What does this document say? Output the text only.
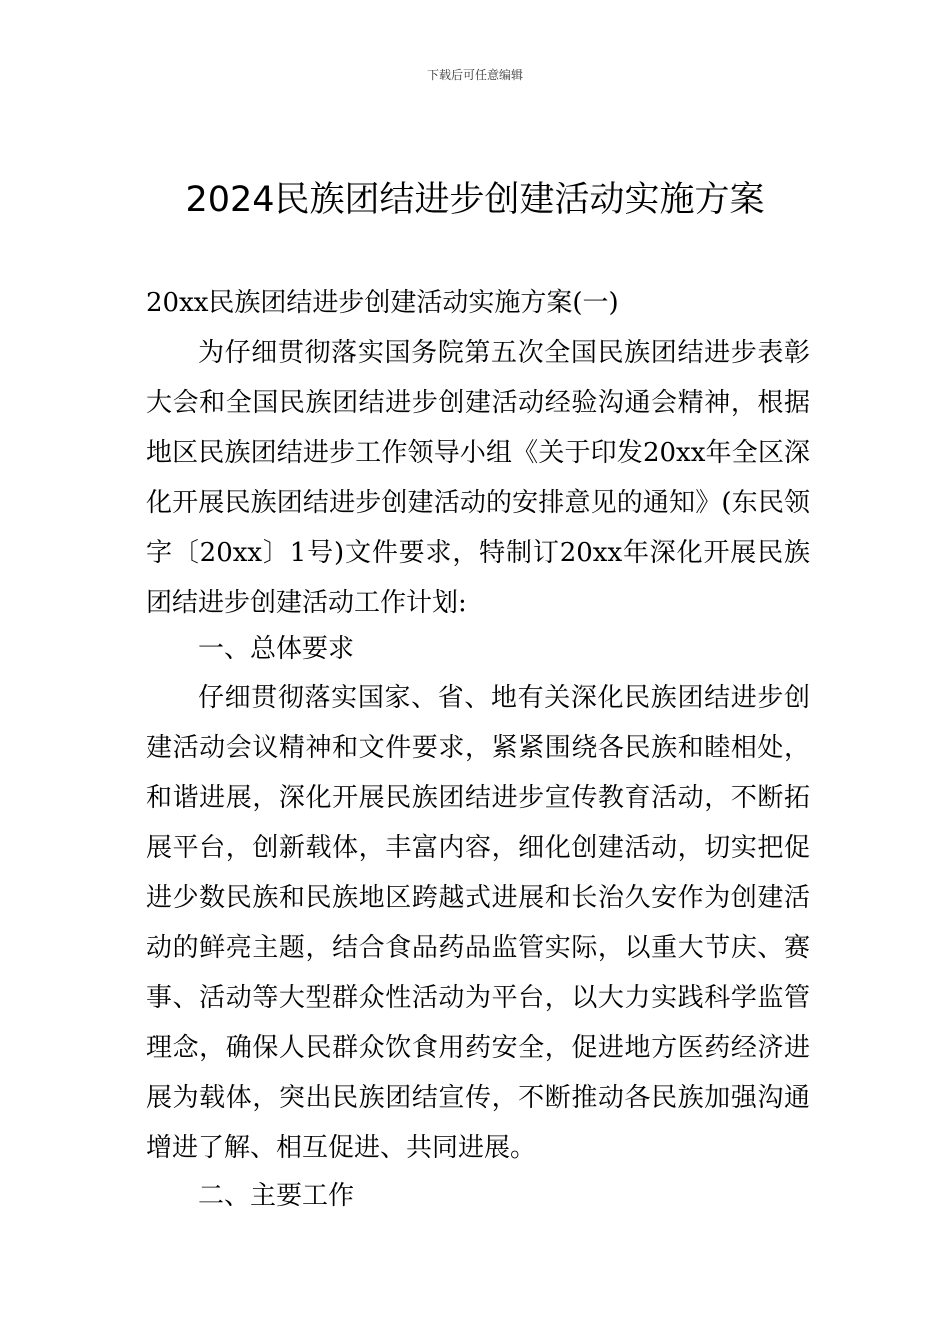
下载后可任意编辑
2024民族团结进步创建活动实施方案

20xx民族团结进步创建活动实施方案(一)

为仔细贯彻落实国务院第五次全国民族团结进步表彰大会和全国民族团结进步创建活动经验沟通会精神，根据地区民族团结进步工作领导小组《关于印发20xx年全区深化开展民族团结进步创建活动的安排意见的通知》(东民领字〔20xx〕1号)文件要求，特制订20xx年深化开展民族团结进步创建活动工作计划:

一、总体要求

仔细贯彻落实国家、省、地有关深化民族团结进步创建活动会议精神和文件要求，紧紧围绕各民族和睦相处，和谐进展，深化开展民族团结进步宣传教育活动，不断拓展平台，创新载体，丰富内容，细化创建活动，切实把促进少数民族和民族地区跨越式进展和长治久安作为创建活动的鲜亮主题，结合食品药品监管实际，以重大节庆、赛事、活动等大型群众性活动为平台，以大力实践科学监管理念，确保人民群众饮食用药安全，促进地方医药经济进展为载体，突出民族团结宣传，不断推动各民族加强沟通增进了解、相互促进、共同进展。

二、主要工作
